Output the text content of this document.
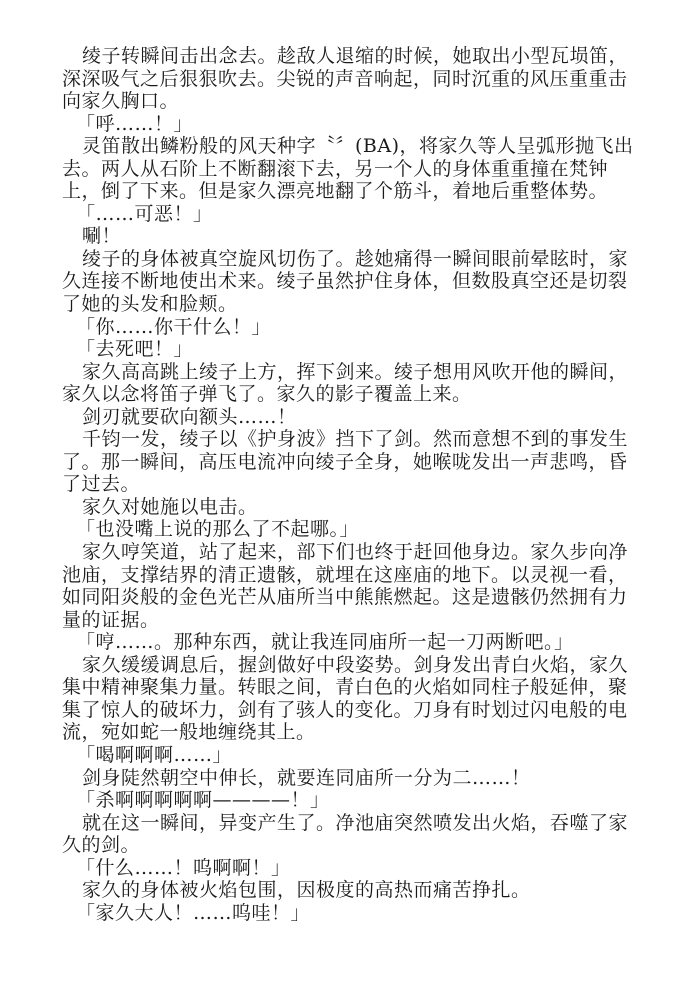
绫子转瞬间击出念去。趁敌人退缩的时候，她取出小型瓦埙笛，
深深吸气之后狠狠吹去。尖锐的声音响起，同时沉重的风压重重击
向家久胸口。
「呼……！」
灵笛散出鳞粉般的风天种字〝〞(BA)，将家久等人呈弧形抛飞出
去。两人从石阶上不断翻滚下去，另一个人的身体重重撞在梵钟
上，倒了下来。但是家久漂亮地翻了个筋斗，着地后重整体势。
「……可恶！」
唰！
绫子的身体被真空旋风切伤了。趁她痛得一瞬间眼前晕眩时，家
久连接不断地使出术来。绫子虽然护住身体，但数股真空还是切裂
了她的头发和脸颊。
「你……你干什么！」
「去死吧！」
家久高高跳上绫子上方，挥下剑来。绫子想用风吹开他的瞬间，
家久以念将笛子弹飞了。家久的影子覆盖上来。
剑刃就要砍向额头……！
千钧一发，绫子以《护身波》挡下了剑。然而意想不到的事发生
了。那一瞬间，高压电流冲向绫子全身，她喉咙发出一声悲鸣，昏
了过去。
家久对她施以电击。
「也没嘴上说的那么了不起哪。」
家久哼笑道，站了起来，部下们也终于赶回他身边。家久步向净
池庙，支撑结界的清正遗骸，就埋在这座庙的地下。以灵视一看，
如同阳炎般的金色光芒从庙所当中熊熊燃起。这是遗骸仍然拥有力
量的证据。
「哼……。那种东西，就让我连同庙所一起一刀两断吧。」
家久缓缓调息后，握剑做好中段姿势。剑身发出青白火焰，家久
集中精神聚集力量。转眼之间，青白色的火焰如同柱子般延伸，聚
集了惊人的破坏力，剑有了骇人的变化。刀身有时划过闪电般的电
流，宛如蛇一般地缠绕其上。
「喝啊啊啊……」
剑身陡然朝空中伸长，就要连同庙所一分为二……！
「杀啊啊啊啊啊————！」
就在这一瞬间，异变产生了。净池庙突然喷发出火焰，吞噬了家
久的剑。
「什么……！呜啊啊！」
家久的身体被火焰包围，因极度的高热而痛苦挣扎。
「家久大人！……呜哇！」
